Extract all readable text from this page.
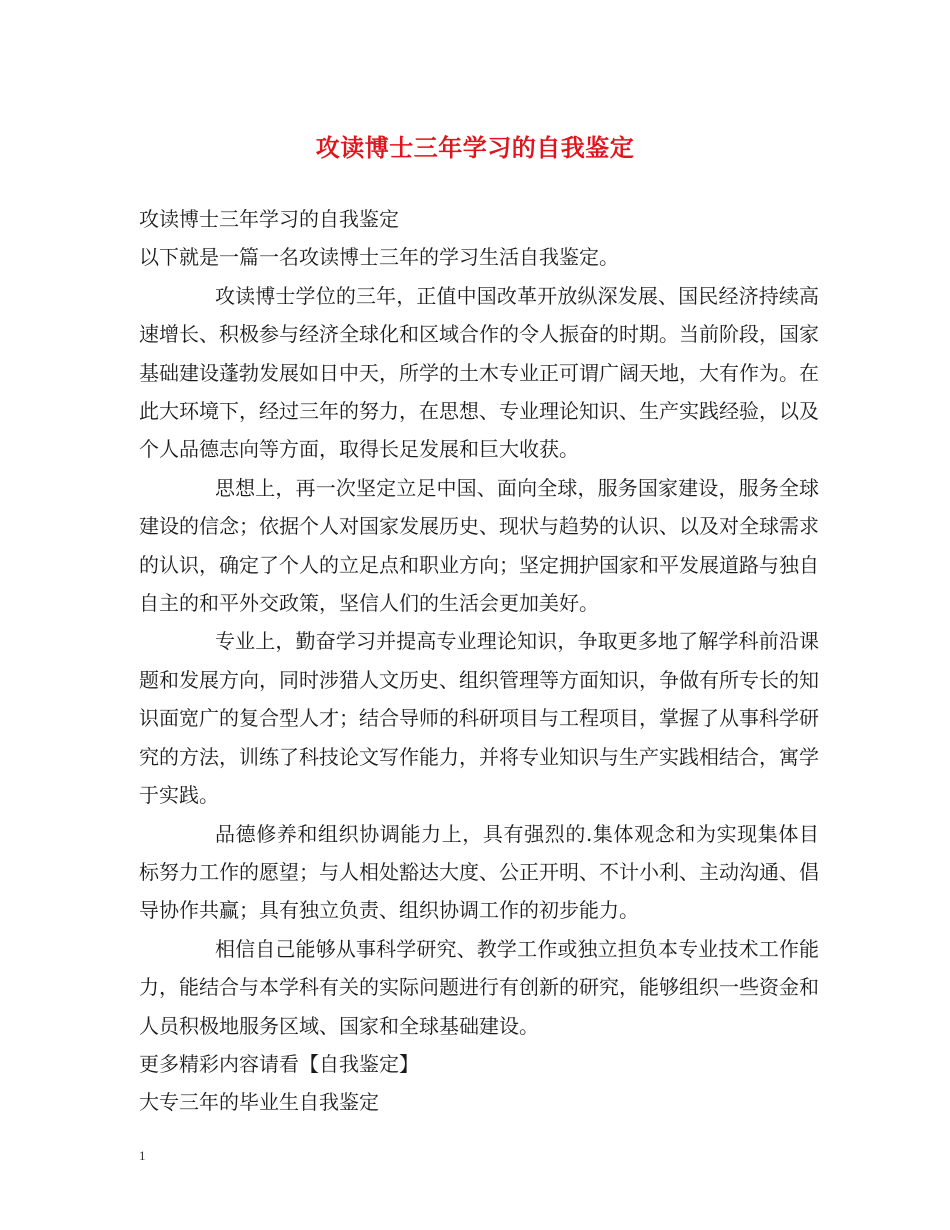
攻读博士三年学习的自我鉴定

攻读博士三年学习的自我鉴定

以下就是一篇一名攻读博士三年的学习生活自我鉴定。

攻读博士学位的三年，正值中国改革开放纵深发展、国民经济持续高速增长、积极参与经济全球化和区域合作的令人振奋的时期。当前阶段，国家基础建设蓬勃发展如日中天，所学的土木专业正可谓广阔天地，大有作为。在此大环境下，经过三年的努力，在思想、专业理论知识、生产实践经验，以及个人品德志向等方面，取得长足发展和巨大收获。

思想上，再一次坚定立足中国、面向全球，服务国家建设，服务全球建设的信念；依据个人对国家发展历史、现状与趋势的认识、以及对全球需求的认识，确定了个人的立足点和职业方向；坚定拥护国家和平发展道路与独自自主的和平外交政策，坚信人们的生活会更加美好。

专业上，勤奋学习并提高专业理论知识，争取更多地了解学科前沿课题和发展方向，同时涉猎人文历史、组织管理等方面知识，争做有所专长的知识面宽广的复合型人才；结合导师的科研项目与工程项目，掌握了从事科学研究的方法，训练了科技论文写作能力，并将专业知识与生产实践相结合，寓学于实践。

品德修养和组织协调能力上，具有强烈的.集体观念和为实现集体目标努力工作的愿望；与人相处豁达大度、公正开明、不计小利、主动沟通、倡导协作共赢；具有独立负责、组织协调工作的初步能力。

相信自己能够从事科学研究、教学工作或独立担负本专业技术工作能力，能结合与本学科有关的实际问题进行有创新的研究，能够组织一些资金和人员积极地服务区域、国家和全球基础建设。

更多精彩内容请看【自我鉴定】

大专三年的毕业生自我鉴定

1
